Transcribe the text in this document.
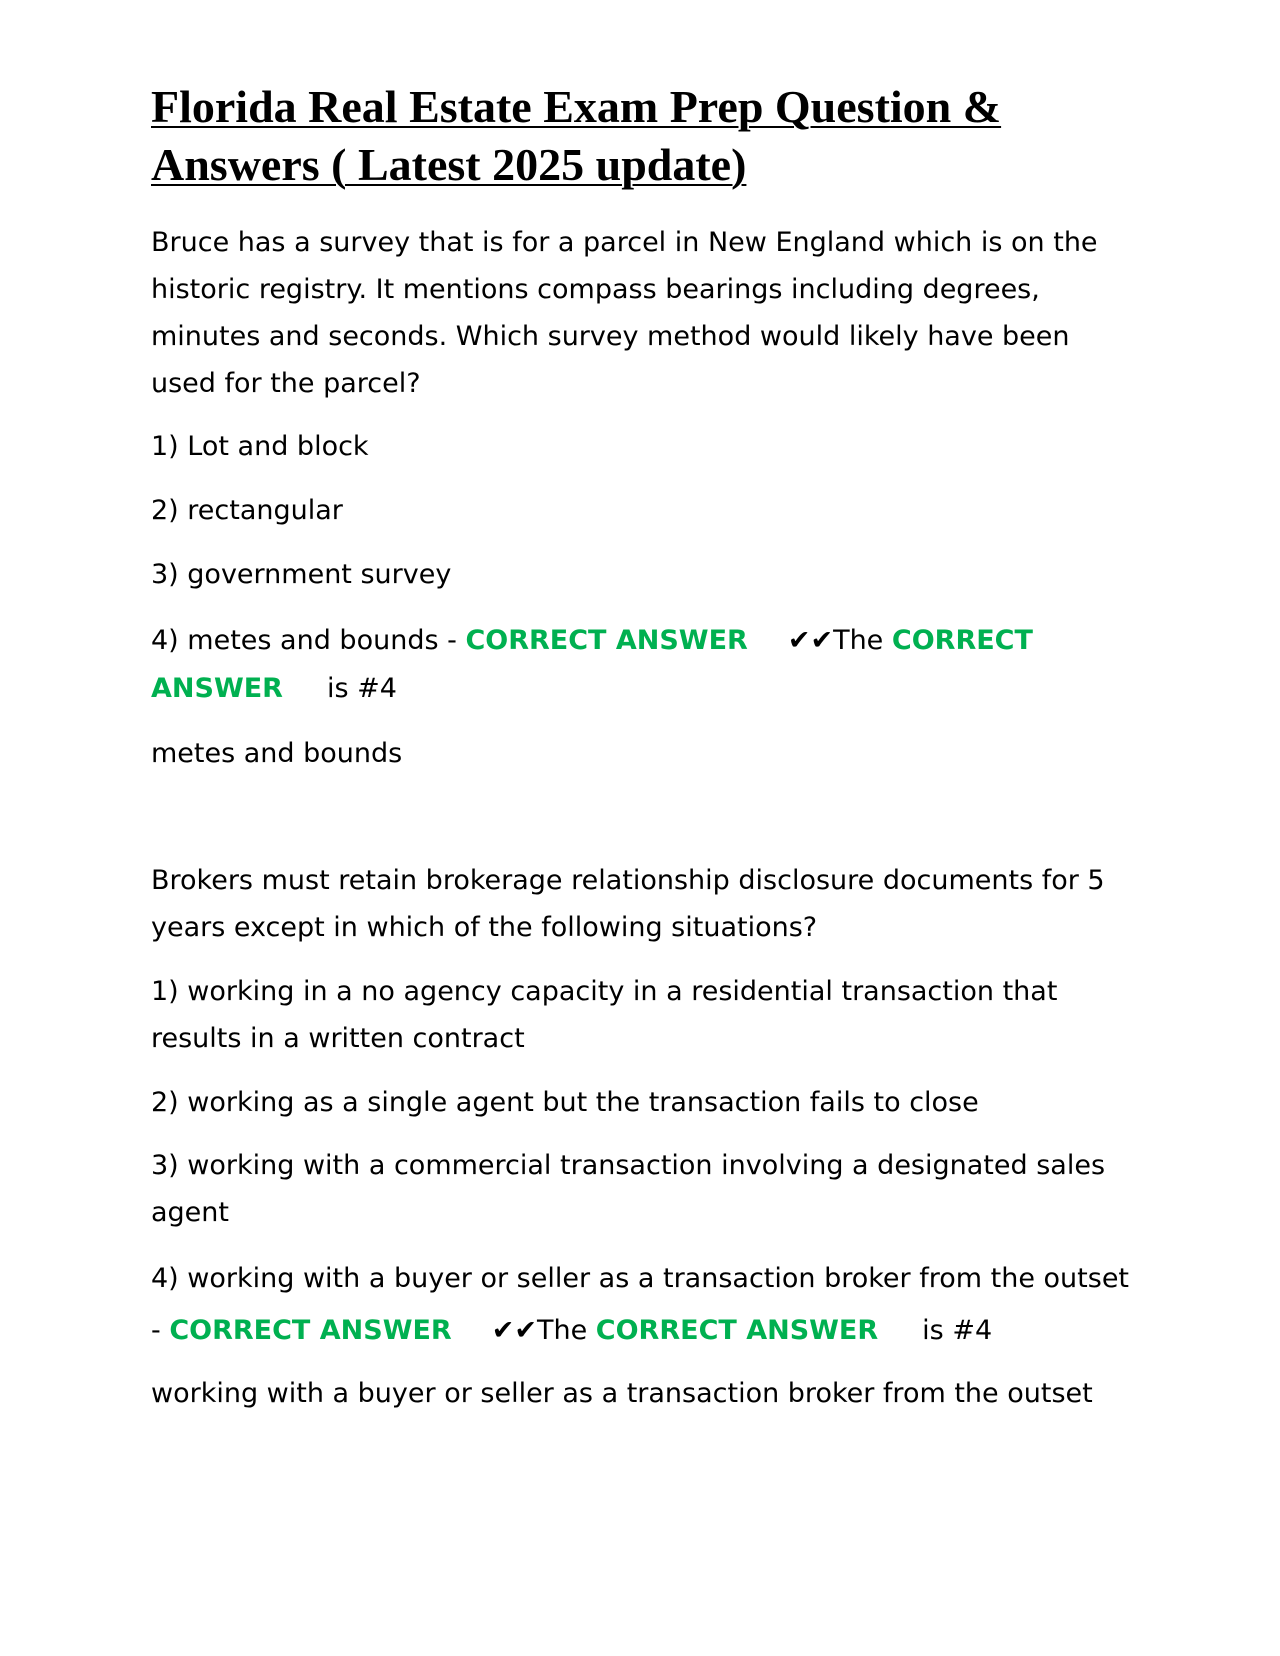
Florida Real Estate Exam Prep Question &
Answers ( Latest 2025 update)

Bruce has a survey that is for a parcel in New England which is on the
historic registry. It mentions compass bearings including degrees,
minutes and seconds. Which survey method would likely have been
used for the parcel?

1) Lot and block

2) rectangular

3) government survey

4) metes and bounds - CORRECT ANSWER ✔✔The CORRECT
ANSWER is #4

metes and bounds

Brokers must retain brokerage relationship disclosure documents for 5
years except in which of the following situations?

1) working in a no agency capacity in a residential transaction that
results in a written contract

2) working as a single agent but the transaction fails to close

3) working with a commercial transaction involving a designated sales
agent

4) working with a buyer or seller as a transaction broker from the outset
- CORRECT ANSWER ✔✔The CORRECT ANSWER is #4

working with a buyer or seller as a transaction broker from the outset
